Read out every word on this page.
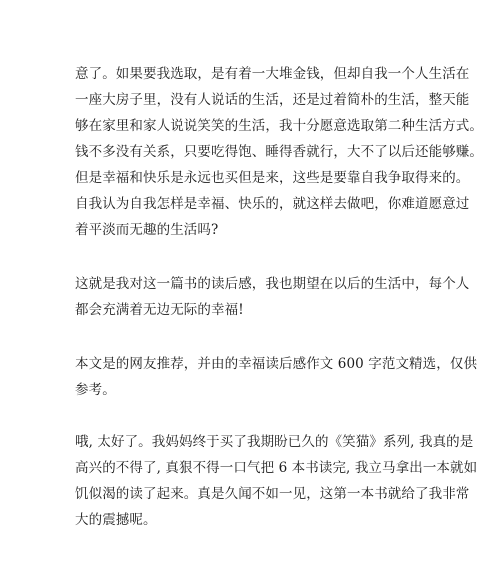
意了。如果要我选取，是有着一大堆金钱，但却自我一个人生活在

一座大房子里，没有人说话的生活，还是过着简朴的生活，整天能

够在家里和家人说说笑笑的生活，我十分愿意选取第二种生活方式。

钱不多没有关系，只要吃得饱、睡得香就行，大不了以后还能够赚。

但是幸福和快乐是永远也买但是来，这些是要靠自我争取得来的。

自我认为自我怎样是幸福、快乐的，就这样去做吧，你难道愿意过

着平淡而无趣的生活吗?

这就是我对这一篇书的读后感，我也期望在以后的生活中，每个人

都会充满着无边无际的幸福!

本文是的网友推荐，并由的幸福读后感作文 600 字范文精选，仅供

参考。

哦, 太好了。我妈妈终于买了我期盼已久的《笑猫》系列, 我真的是

高兴的不得了, 真狠不得一口气把 6 本书读完, 我立马拿出一本就如

饥似渴的读了起来。真是久闻不如一见，这第一本书就给了我非常

大的震撼呢。
